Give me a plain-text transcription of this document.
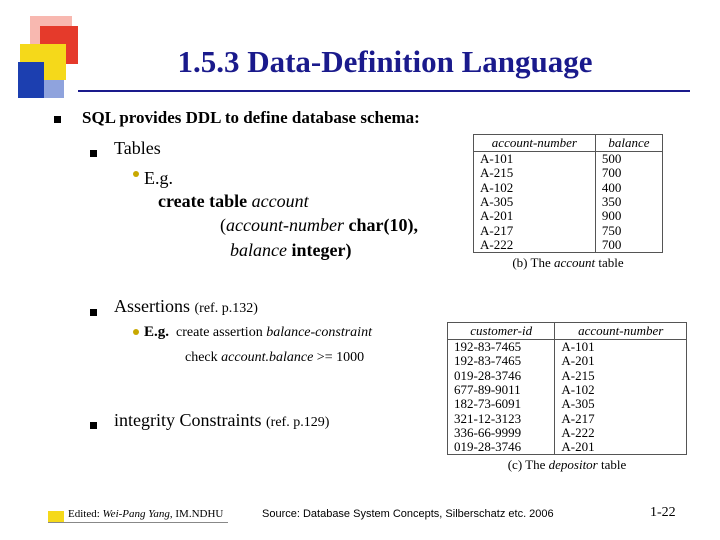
1.5.3 Data-Definition Language
SQL provides DDL to define database schema:
Tables
E.g.
create table account
(account-number char(10),
balance integer)
account-number	balance
A-101	500
A-215	700
A-102	400
A-305	350
A-201	900
A-217	750
A-222	700
(b) The account table
Assertions (ref. p.132)
E.g. create assertion balance-constraint
check account.balance >= 1000
customer-id	account-number
192-83-7465	A-101
192-83-7465	A-201
019-28-3746	A-215
677-89-9011	A-102
182-73-6091	A-305
321-12-3123	A-217
336-66-9999	A-222
019-28-3746	A-201
(c) The depositor table
integrity Constraints (ref. p.129)
Edited: Wei-Pang Yang, IM.NDHU	Source: Database System Concepts, Silberschatz etc. 2006	1-22
